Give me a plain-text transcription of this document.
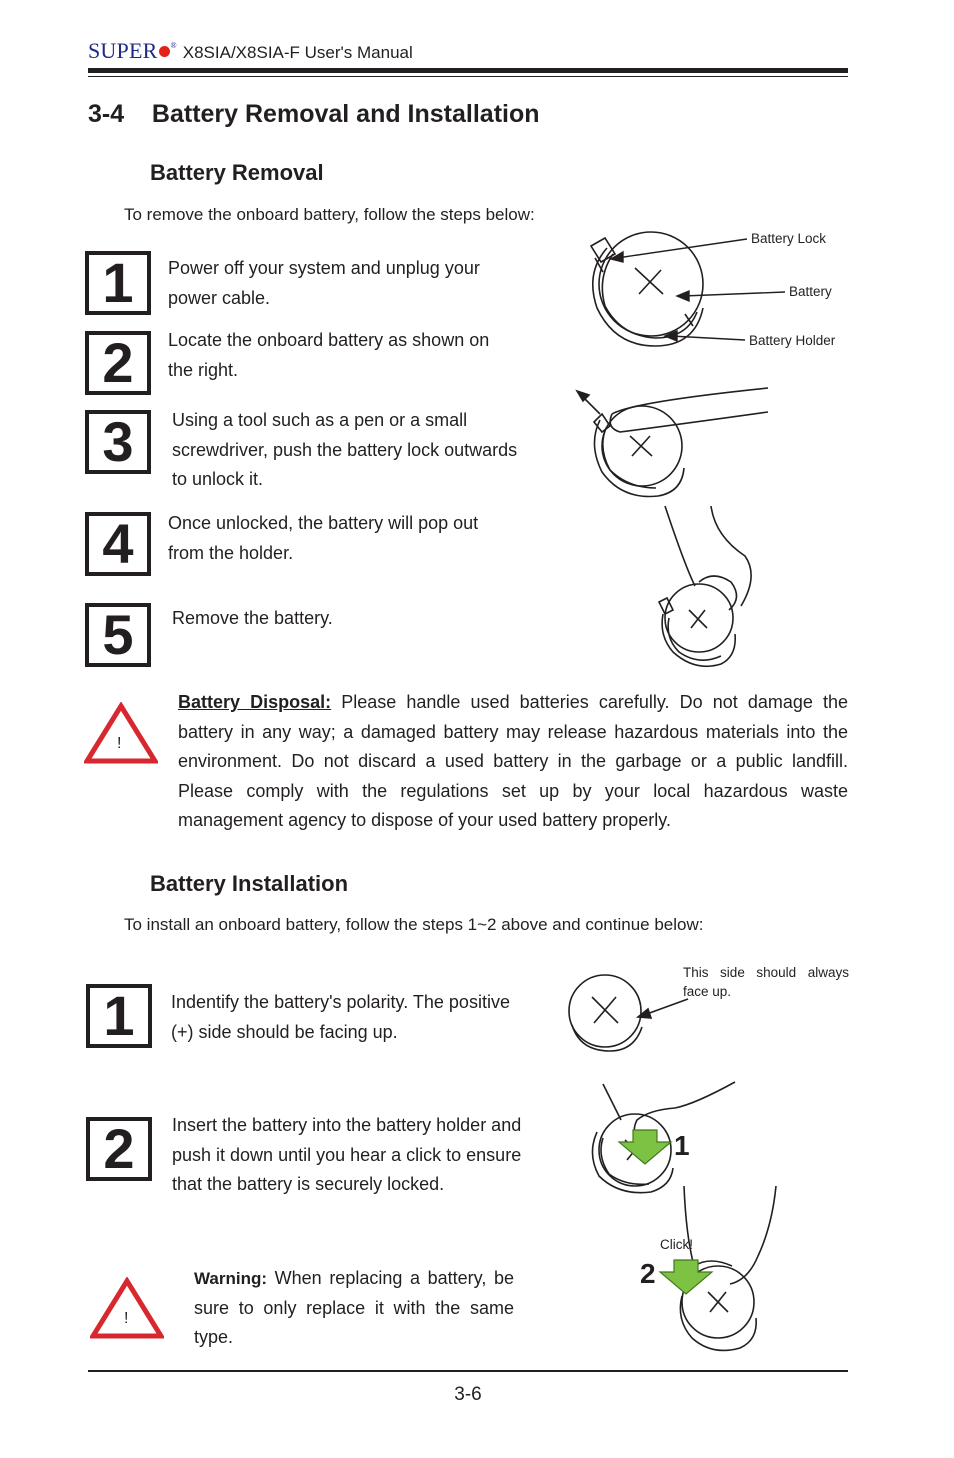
SUPER ® X8SIA/X8SIA-F User's Manual
3-4    Battery Removal and Installation
Battery Removal
To remove the onboard battery, follow the steps below:
1	Power off your system and unplug your power cable.
2	Locate the onboard battery as shown on the right.
3	Using a tool such as a pen or a small screwdriver, push the battery lock outwards to unlock it.
4	Once unlocked, the battery will pop out from the holder.
5	Remove the battery.
Battery Lock
Battery
Battery Holder
!
Battery Disposal: Please handle used batteries carefully. Do not damage the battery in any way; a damaged battery may release hazardous materials into the environment. Do not discard a used battery in the garbage or a public landfill. Please comply with the regulations set up by your local hazardous waste management agency to dispose of your used battery properly.
Battery Installation
To install an onboard battery, follow the steps 1~2 above and continue below:
1	Indentify the battery's polarity. The positive (+) side should be facing up.
2	Insert the battery into the battery holder and push it down until you hear a click to ensure that the battery is securely locked.
This side should always face up.
1
Click!
2
!
Warning: When replacing a battery, be sure to only replace it with the same type.
3-6
